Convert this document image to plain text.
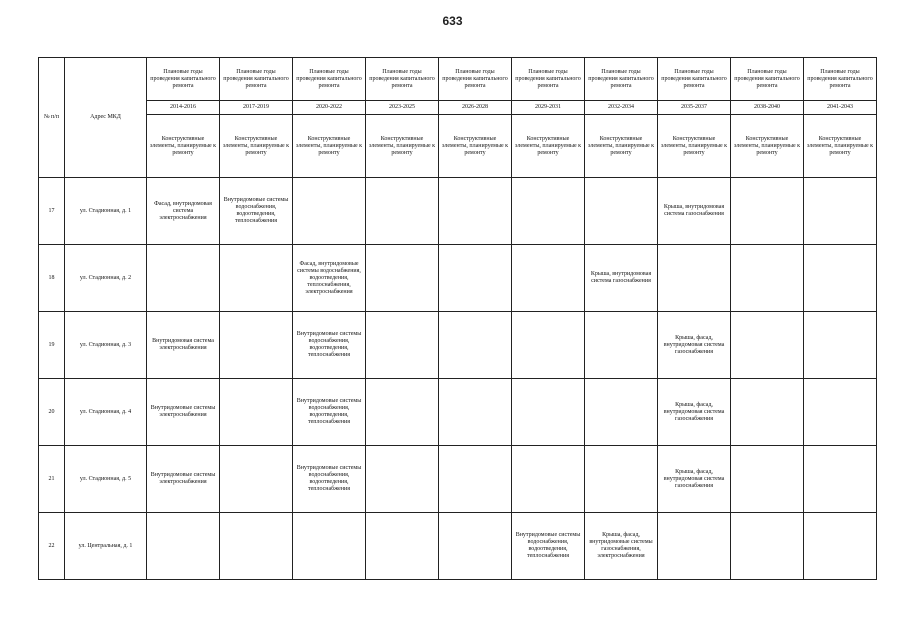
633
№ п/п	Адрес МКД	Плановые годы проведения капитального ремонта	Плановые годы проведения капитального ремонта	Плановые годы проведения капитального ремонта	Плановые годы проведения капитального ремонта	Плановые годы проведения капитального ремонта	Плановые годы проведения капитального ремонта	Плановые годы проведения капитального ремонта	Плановые годы проведения капитального ремонта	Плановые годы проведения капитального ремонта	Плановые годы проведения капитального ремонта
		2014-2016	2017-2019	2020-2022	2023-2025	2026-2028	2029-2031	2032-2034	2035-2037	2038-2040	2041-2043
		Конструктивные элементы, планируемые к ремонту	Конструктивные элементы, планируемые к ремонту	Конструктивные элементы, планируемые к ремонту	Конструктивные элементы, планируемые к ремонту	Конструктивные элементы, планируемые к ремонту	Конструктивные элементы, планируемые к ремонту	Конструктивные элементы, планируемые к ремонту	Конструктивные элементы, планируемые к ремонту	Конструктивные элементы, планируемые к ремонту	Конструктивные элементы, планируемые к ремонту
17	ул. Стадионная, д. 1	Фасад, внутридомовая система электроснабжения	Внутридомовые системы водоснабжения, водоотведения, теплоснабжения						Крыша, внутридомовая система газоснабжения		
18	ул. Стадионная, д. 2			Фасад, внутридомовые системы водоснабжения, водоотведения, теплоснабжения, электроснабжения				Крыша, внутридомовая система газоснабжения			
19	ул. Стадионная, д. 3	Внутридомовая система электроснабжения		Внутридомовые системы водоснабжения, водоотведения, теплоснабжения					Крыша, фасад, внутридомовая система газоснабжения		
20	ул. Стадионная, д. 4	Внутридомовые системы электроснабжения		Внутридомовые системы водоснабжения, водоотведения, теплоснабжения					Крыша, фасад, внутридомовая система газоснабжения		
21	ул. Стадионная, д. 5	Внутридомовые системы электроснабжения		Внутридомовые системы водоснабжения, водоотведения, теплоснабжения					Крыша, фасад, внутридомовая система газоснабжения		
22	ул. Центральная, д. 1						Внутридомовые системы водоснабжения, водоотведения, теплоснабжения	Крыша, фасад, внутридомовые системы газоснабжения, электроснабжения			
